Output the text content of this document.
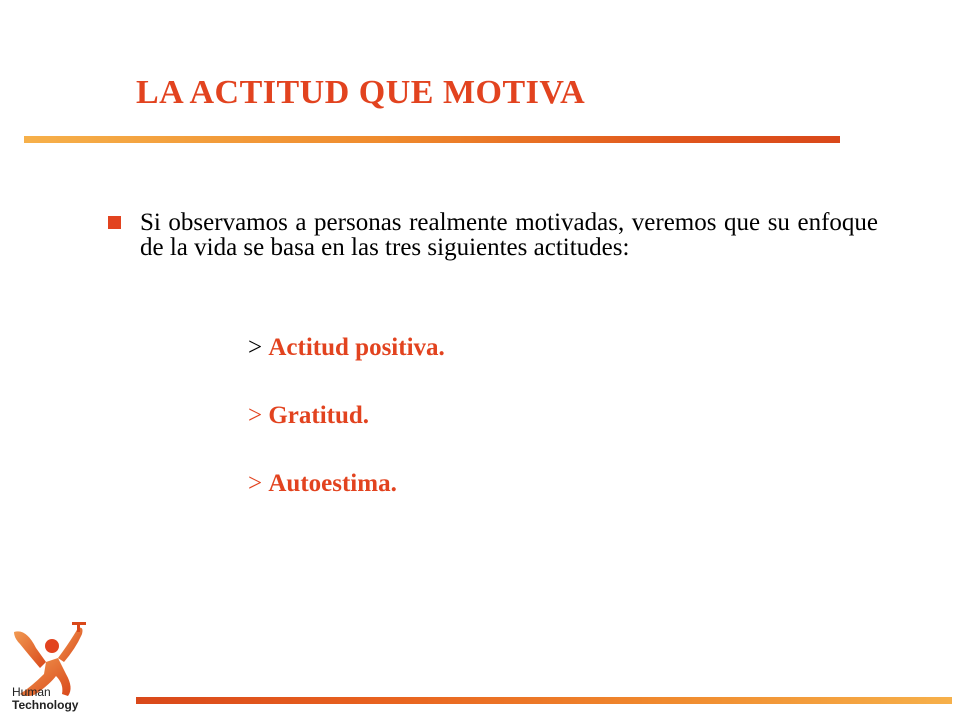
LA ACTITUD QUE MOTIVA
Si observamos a personas realmente motivadas, veremos que su enfoque de la vida se basa en las tres siguientes actitudes:
> Actitud positiva.
> Gratitud.
> Autoestima.
Human
Technology
